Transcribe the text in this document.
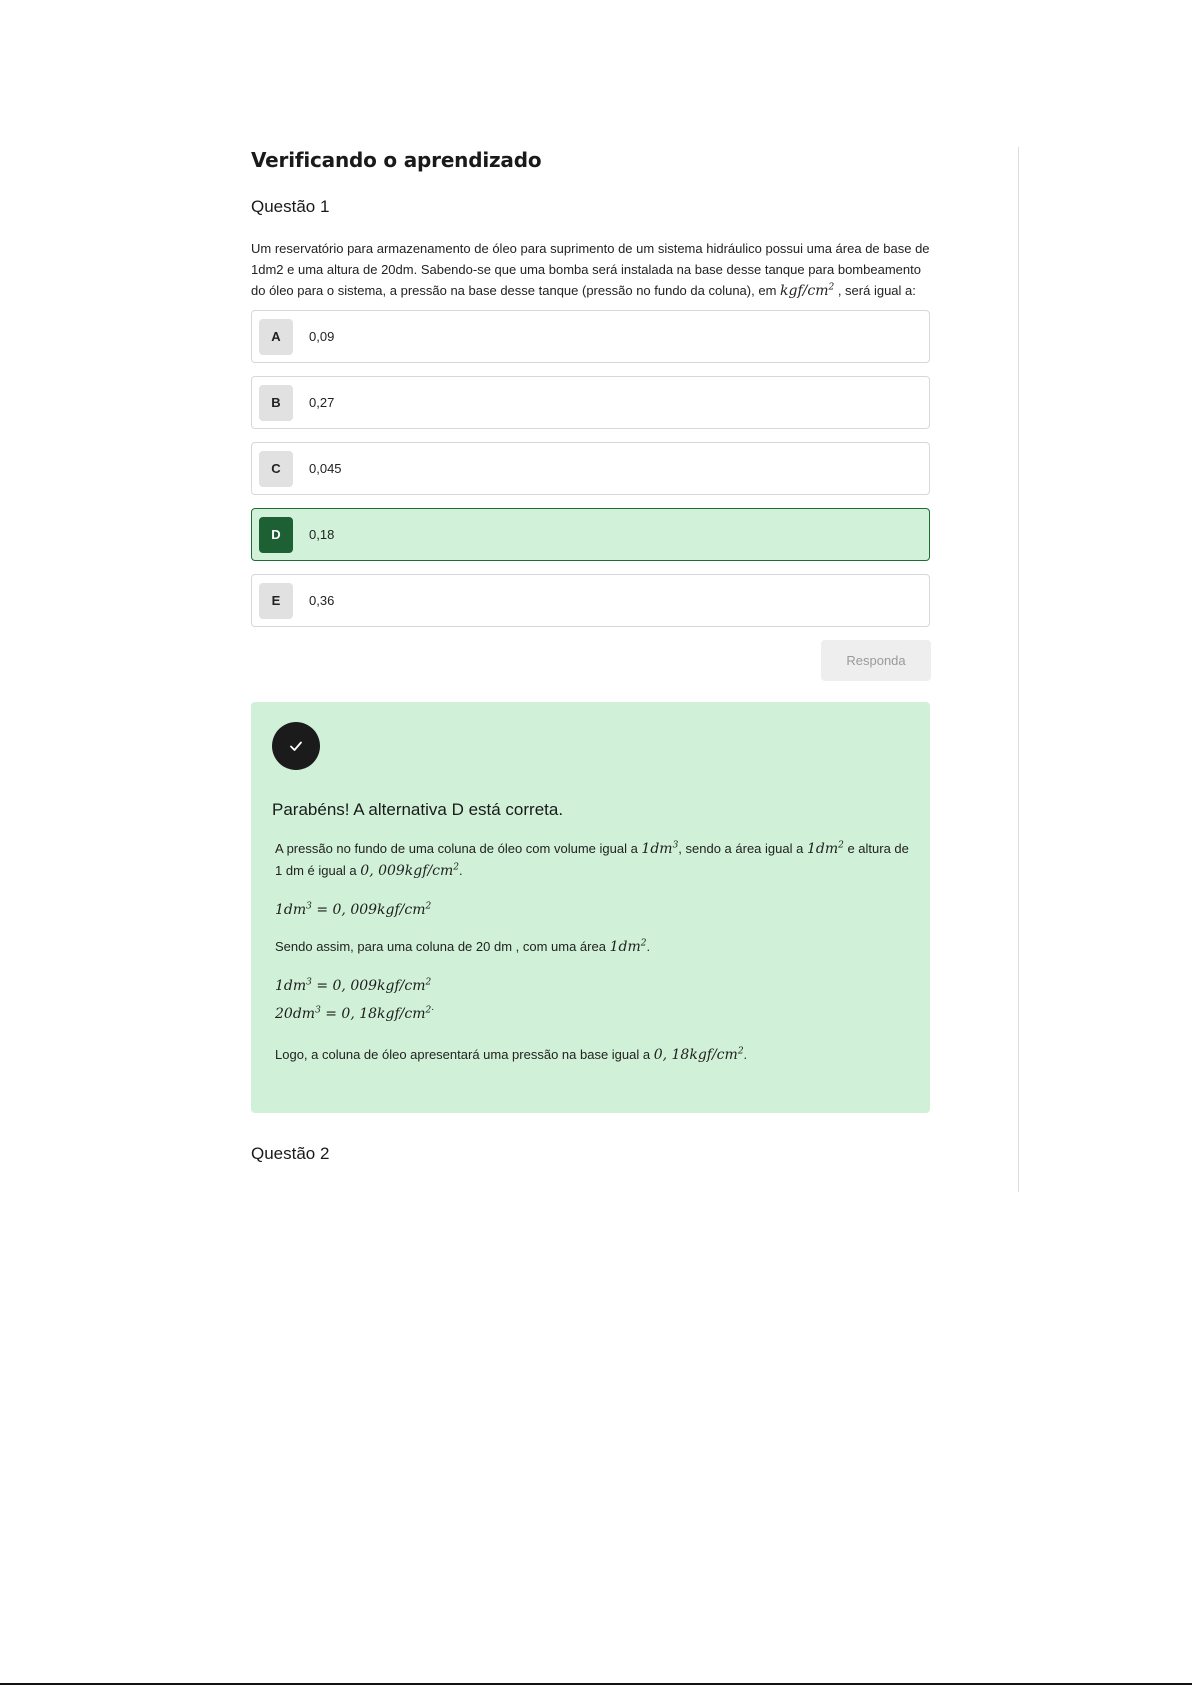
Verificando o aprendizado
Questão 1
Um reservatório para armazenamento de óleo para suprimento de um sistema hidráulico possui uma área de base de 1dm2 e uma altura de 20dm. Sabendo-se que uma bomba será instalada na base desse tanque para bombeamento do óleo para o sistema, a pressão na base desse tanque (pressão no fundo da coluna), em kgf/$cm^2$ , será igual a:
A	0,09
B	0,27
C	0,045
D	0,18
E	0,36
Responda
Parabéns! A alternativa D está correta.
A pressão no fundo de uma coluna de óleo com volume igual a $1dm^3$, sendo a área igual a $1dm^2$ e altura de 1 dm é igual a 0, $009kgf/cm^2$.
$1dm^3 = 0$, $009kgf/cm^2$
Sendo assim, para uma coluna de 20 dm , com uma área $1dm^2$.
$1dm^3 = 0$, $009kgf/cm^2$
$20dm^3 = 0$, $18kgf/cm^{2\cdot}$
Logo, a coluna de óleo apresentará uma pressão na base igual a 0, $18kgf/cm^2$.
Questão 2
